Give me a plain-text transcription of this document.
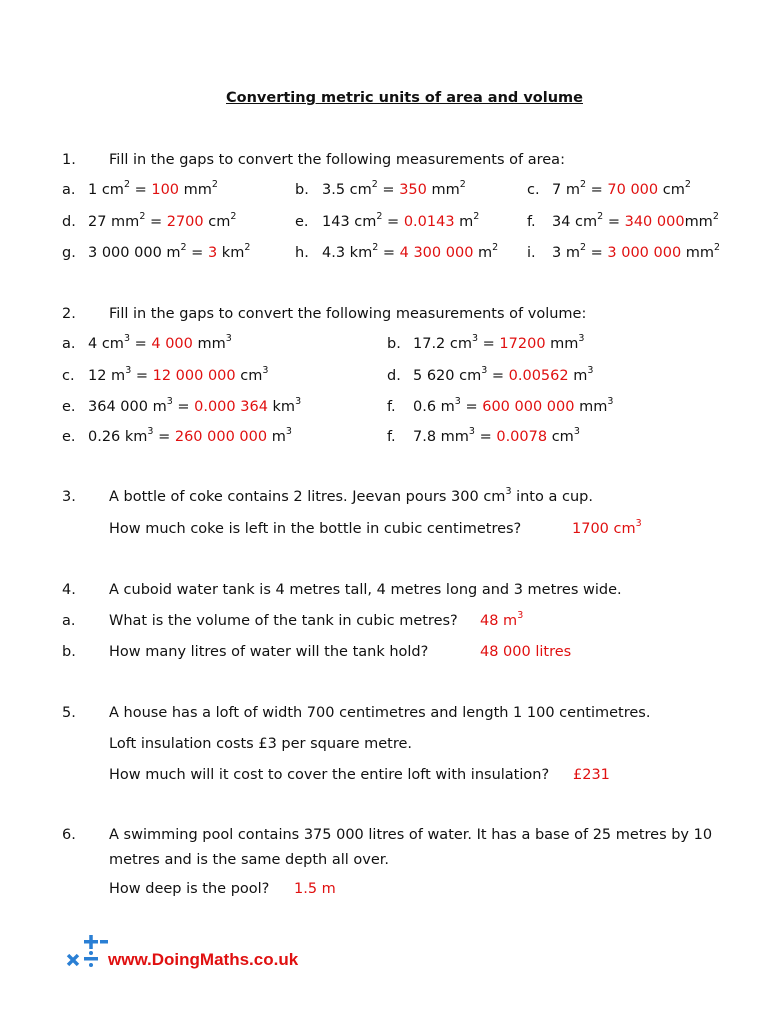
Converting metric units of area and volume
1. Fill in the gaps to convert the following measurements of area:
a. 1 $cm^2 = 100$ $mm^2$	b. 3.5 $cm^2 = 350$ $mm^2$	c. 7 $m^2 = 70$ 000 $cm^2$
d. 27 $mm^2 = 2700$ $cm^2$	e. 143 $cm^2 = 0.0143$ $m^2$	f. 34 $cm^2 = 340$ $000mm^2$
g. 3 000 000 $m^2 = 3$ $km^2$	h. 4.3 $km^2 = 4$ 300 000 $m^2$ i. 3 $m^2 = 3$ 000 000 $mm^2$
2. Fill in the gaps to convert the following measurements of volume:
a. 4 $cm^3 = 4$ 000 $mm^3$	b. 17.2 $cm^3 = 17200$ $mm^3$
c. 12 $m^3 = 12$ 000 000 $cm^3$	d. 5 620 $cm^3 = 0.00562$ $m^3$
e. 364 000 $m^3 = 0.000$ 364 $km^3$	f. 0.6 $m^3 = 600$ 000 000 $mm^3$
e. 0.26 $km^3 = 260$ 000 000 $m^3$	f. 7.8 $mm^3 = 0.0078$ $cm^3$
3. A bottle of coke contains 2 litres. Jeevan pours 300 $cm^3$ into a cup.
How much coke is left in the bottle in cubic centimetres?	1700 $cm^3$
4. A cuboid water tank is 4 metres tall, 4 metres long and 3 metres wide.
a. What is the volume of the tank in cubic metres? 48 $m^3$
b. How many litres of water will the tank hold?	48 000 litres
5. A house has a loft of width 700 centimetres and length 1 100 centimetres.
Loft insulation costs £3 per square metre.
How much will it cost to cover the entire loft with insulation? £231
6. A swimming pool contains 375 000 litres of water. It has a base of 25 metres by 10
metres and is the same depth all over.
How deep is the pool? 1.5 m
www.DoingMaths.co.uk
